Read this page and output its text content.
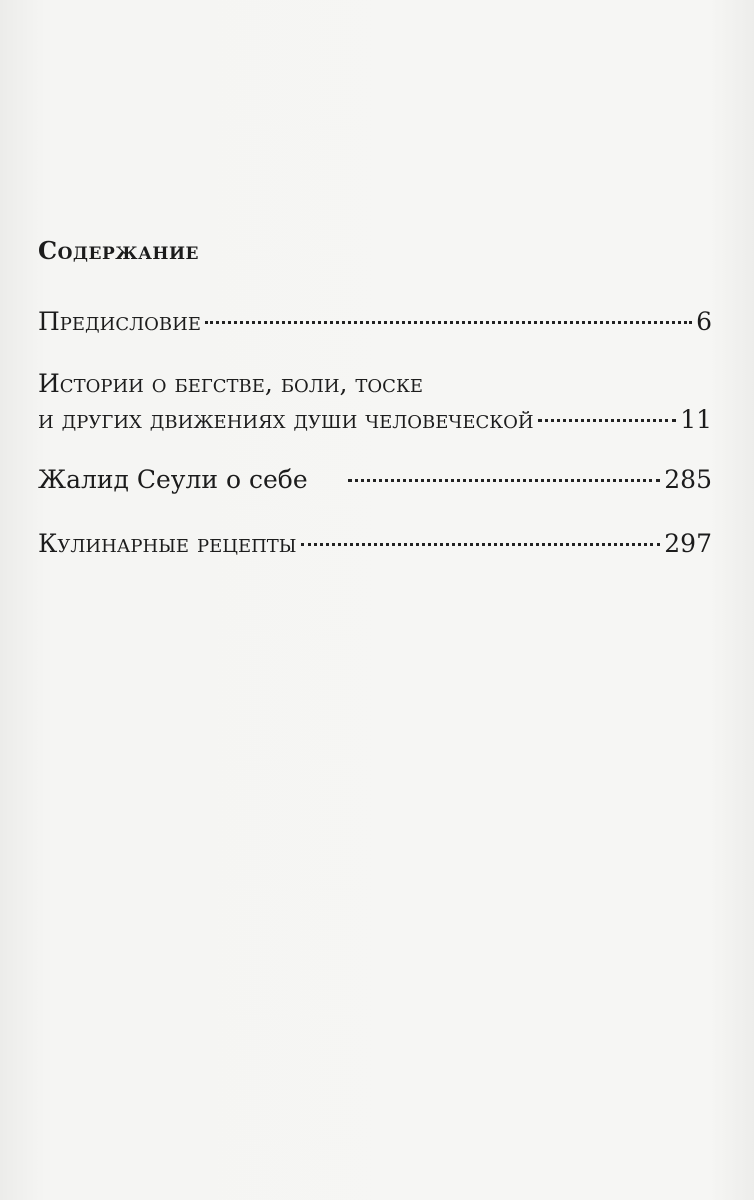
Содержание
Предисловие	6
Истории о бегстве, боли, тоске
и других движениях души человеческой	11
Жалид Сеули о себе	285
Кулинарные рецепты	297
